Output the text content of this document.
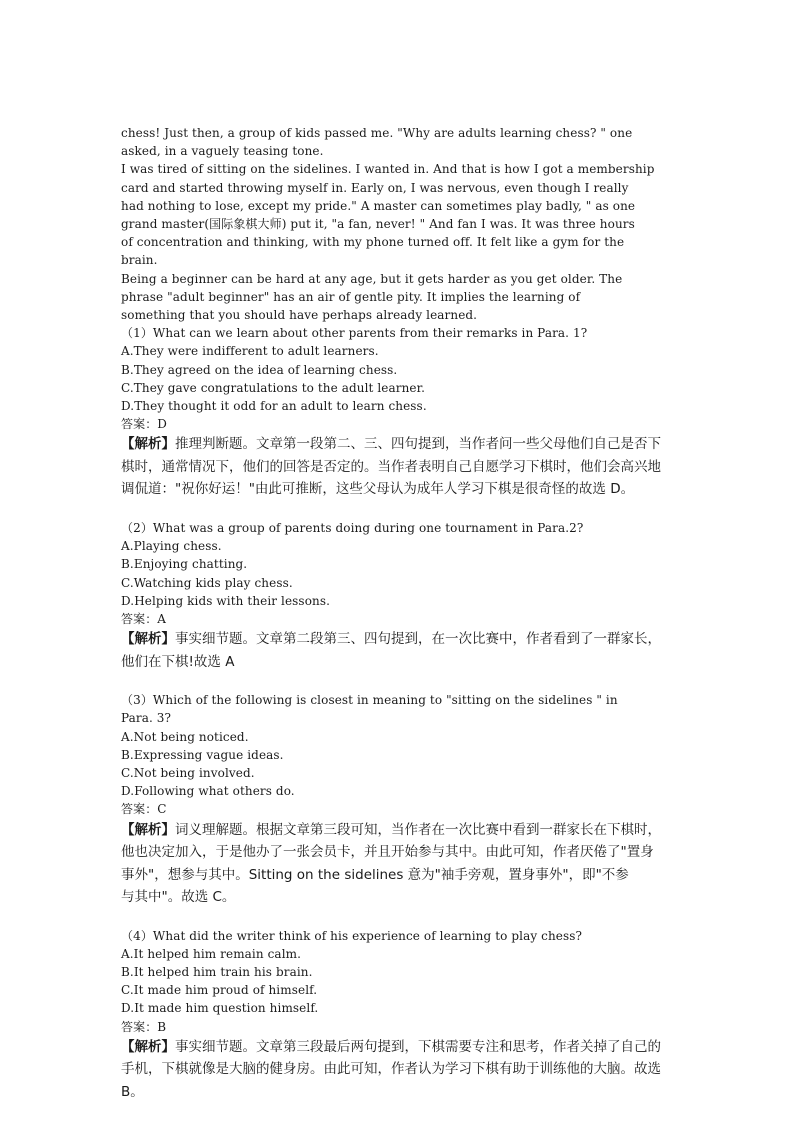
chess! Just then, a group of kids passed me. "Why are adults learning chess? " one
asked, in a vaguely teasing tone.
I was tired of sitting on the sidelines. I wanted in. And that is how I got a membership
card and started throwing myself in. Early on, I was nervous, even though I really
had nothing to lose, except my pride." A master can sometimes play badly, " as one
grand master(国际象棋大师) put it, "a fan, never! " And fan I was. It was three hours
of concentration and thinking, with my phone turned off. It felt like a gym for the
brain.
Being a beginner can be hard at any age, but it gets harder as you get older. The
phrase "adult beginner" has an air of gentle pity. It implies the learning of
something that you should have perhaps already learned.
（1）What can we learn about other parents from their remarks in Para. 1?
A.They were indifferent to adult learners.
B.They agreed on the idea of learning chess.
C.They gave congratulations to the adult learner.
D.They thought it odd for an adult to learn chess.
答案：D
【解析】推理判断题。文章第一段第二、三、四句提到，当作者问一些父母他们自己是否下
棋时，通常情况下，他们的回答是否定的。当作者表明自己自愿学习下棋时，他们会高兴地
调侃道："祝你好运！"由此可推断，这些父母认为成年人学习下棋是很奇怪的故选 D。
（2）What was a group of parents doing during one tournament in Para.2?
A.Playing chess.
B.Enjoying chatting.
C.Watching kids play chess.
D.Helping kids with their lessons.
答案：A
【解析】事实细节题。文章第二段第三、四句提到，在一次比赛中，作者看到了一群家长，
他们在下棋!故选 A
（3）Which of the following is closest in meaning to "sitting on the sidelines " in
Para. 3?
A.Not being noticed.
B.Expressing vague ideas.
C.Not being involved.
D.Following what others do.
答案：C
【解析】词义理解题。根据文章第三段可知，当作者在一次比赛中看到一群家长在下棋时，
他也决定加入，于是他办了一张会员卡，并且开始参与其中。由此可知，作者厌倦了"置身
事外"，想参与其中。Sitting on the sidelines 意为"袖手旁观，置身事外"，即"不参
与其中"。故选 C。
（4）What did the writer think of his experience of learning to play chess?
A.It helped him remain calm.
B.It helped him train his brain.
C.It made him proud of himself.
D.It made him question himself.
答案：B
【解析】事实细节题。文章第三段最后两句提到，下棋需要专注和思考，作者关掉了自己的
手机，下棋就像是大脑的健身房。由此可知，作者认为学习下棋有助于训练他的大脑。故选
B。
